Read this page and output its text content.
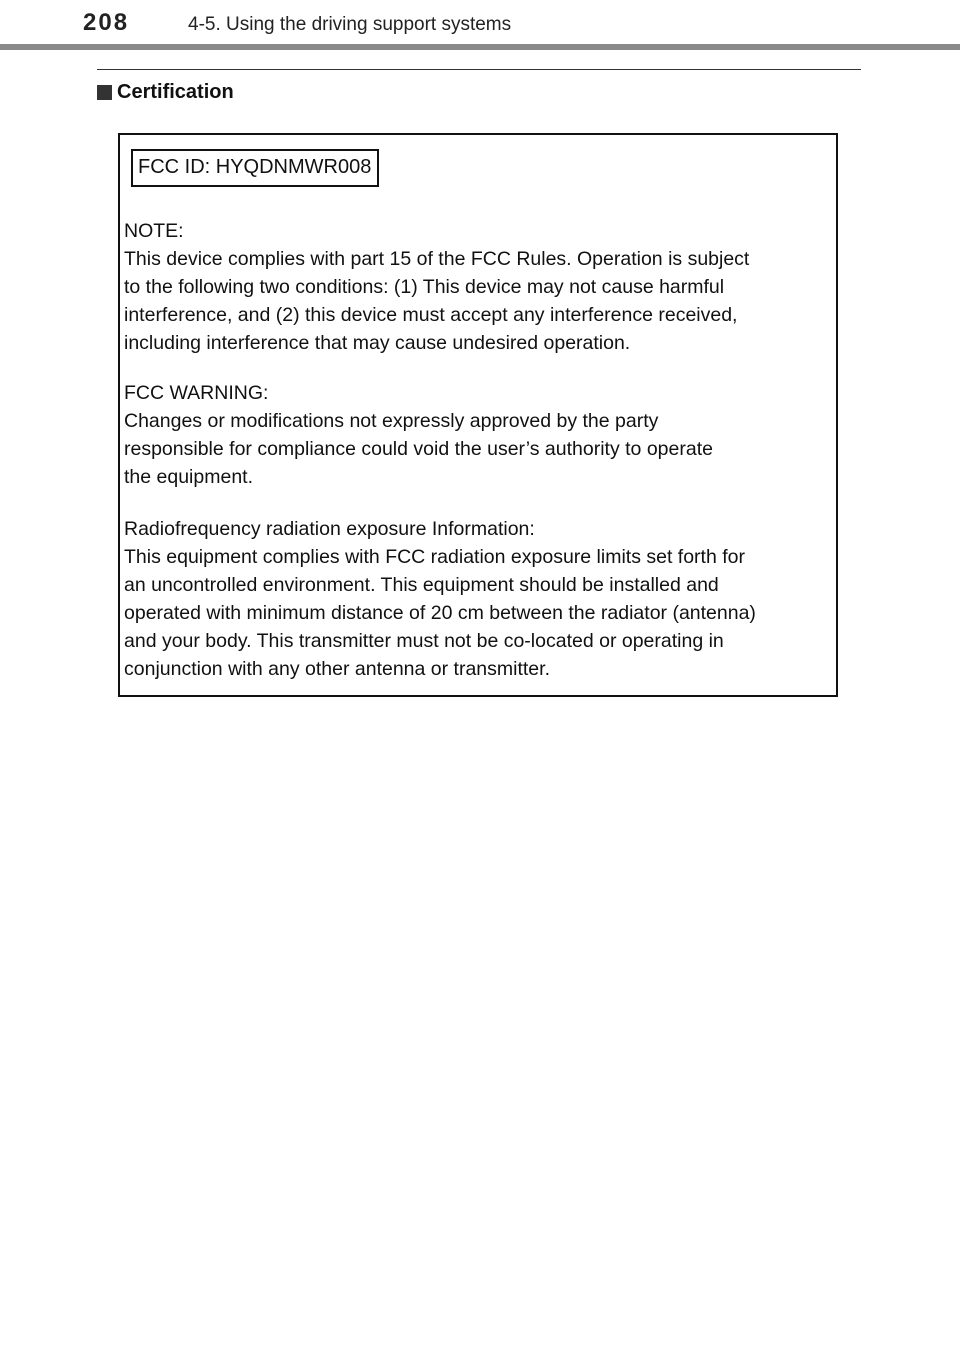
208	4-5. Using the driving support systems
Certification
FCC ID: HYQDNMWR008
NOTE:
This device complies with part 15 of the FCC Rules. Operation is subject
to the following two conditions: (1) This device may not cause harmful
interference, and (2) this device must accept any interference received,
including interference that may cause undesired operation.
FCC WARNING:
Changes or modifications not expressly approved by the party
responsible for compliance could void the user’s authority to operate
the equipment.
Radiofrequency radiation exposure Information:
This equipment complies with FCC radiation exposure limits set forth for
an uncontrolled environment. This equipment should be installed and
operated with minimum distance of 20 cm between the radiator (antenna)
and your body. This transmitter must not be co-located or operating in
conjunction with any other antenna or transmitter.
